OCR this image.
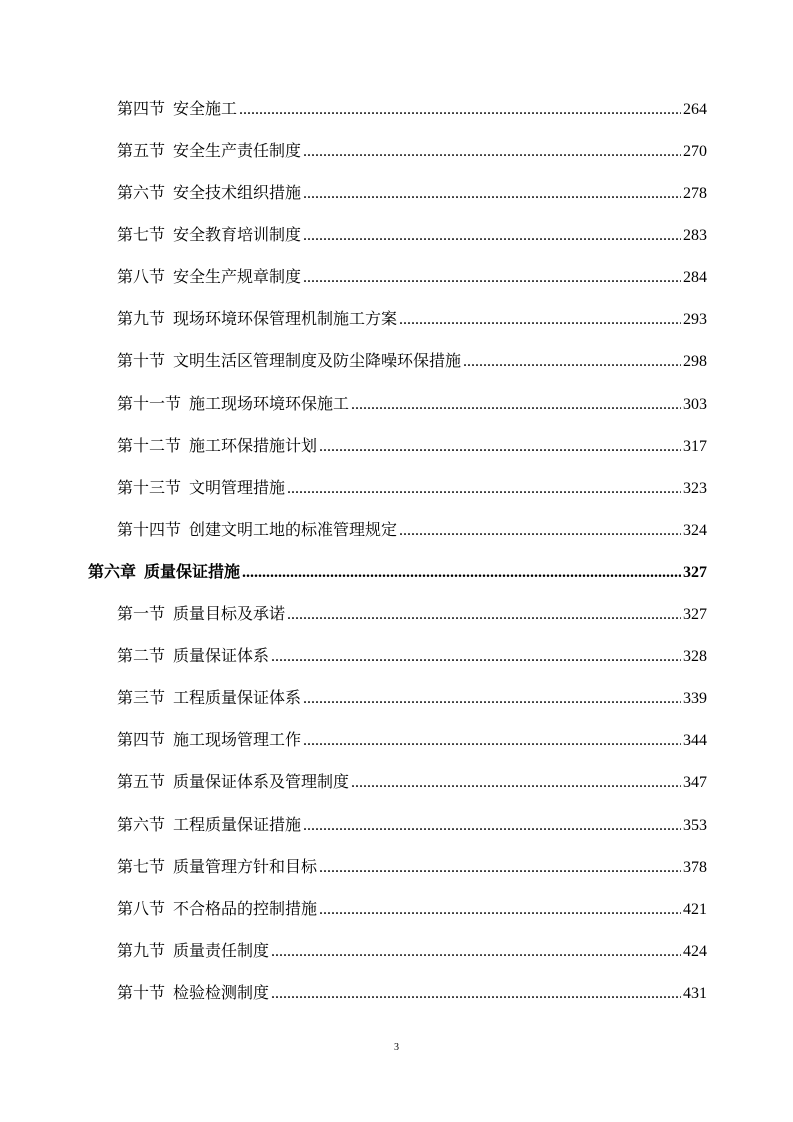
第四节 安全施工 .....	264
第五节 安全生产责任制度 .....	270
第六节 安全技术组织措施 .....	278
第七节 安全教育培训制度 .....	283
第八节 安全生产规章制度 .....	284
第九节 现场环境环保管理机制施工方案 .....	293
第十节 文明生活区管理制度及防尘降噪环保措施 .....	298
第十一节 施工现场环境环保施工 .....	303
第十二节 施工环保措施计划 .....	317
第十三节 文明管理措施 .....	323
第十四节 创建文明工地的标准管理规定 .....	324
第六章 质量保证措施 .....	327
第一节 质量目标及承诺 .....	327
第二节 质量保证体系 .....	328
第三节 工程质量保证体系 .....	339
第四节 施工现场管理工作 .....	344
第五节 质量保证体系及管理制度 .....	347
第六节 工程质量保证措施 .....	353
第七节 质量管理方针和目标 .....	378
第八节 不合格品的控制措施 .....	421
第九节 质量责任制度 .....	424
第十节 检验检测制度 .....	431
3
